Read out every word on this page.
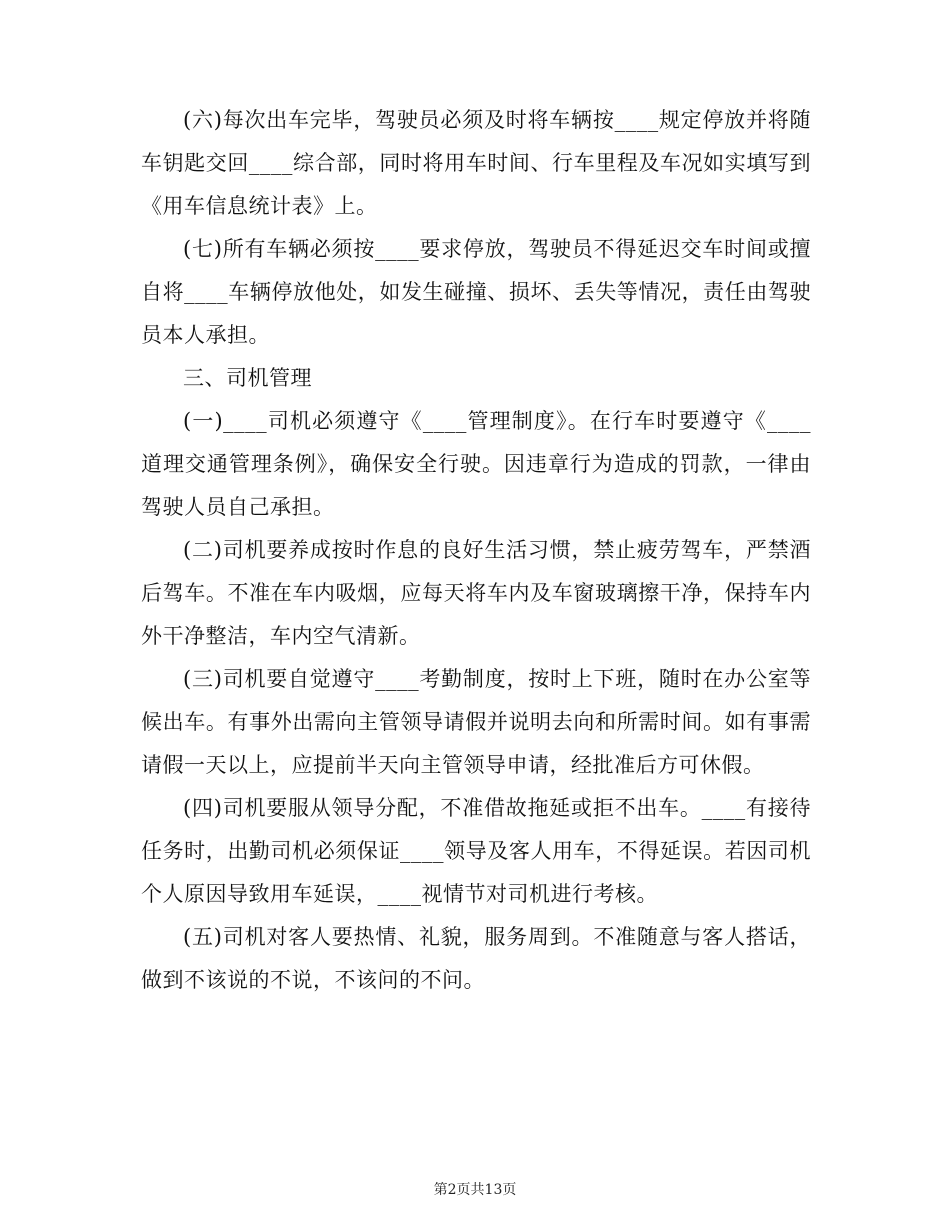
(六)每次出车完毕，驾驶员必须及时将车辆按____规定停放并将随车钥匙交回____综合部，同时将用车时间、行车里程及车况如实填写到《用车信息统计表》上。

(七)所有车辆必须按____要求停放，驾驶员不得延迟交车时间或擅自将____车辆停放他处，如发生碰撞、损坏、丢失等情况，责任由驾驶员本人承担。

三、司机管理

(一)____司机必须遵守《____管理制度》。在行车时要遵守《____道理交通管理条例》，确保安全行驶。因违章行为造成的罚款，一律由驾驶人员自己承担。

(二)司机要养成按时作息的良好生活习惯，禁止疲劳驾车，严禁酒后驾车。不准在车内吸烟，应每天将车内及车窗玻璃擦干净，保持车内外干净整洁，车内空气清新。

(三)司机要自觉遵守____考勤制度，按时上下班，随时在办公室等候出车。有事外出需向主管领导请假并说明去向和所需时间。如有事需请假一天以上，应提前半天向主管领导申请，经批准后方可休假。

(四)司机要服从领导分配，不准借故拖延或拒不出车。____有接待任务时，出勤司机必须保证____领导及客人用车，不得延误。若因司机个人原因导致用车延误，____视情节对司机进行考核。

(五)司机对客人要热情、礼貌，服务周到。不准随意与客人搭话，做到不该说的不说，不该问的不问。

第2页共13页
